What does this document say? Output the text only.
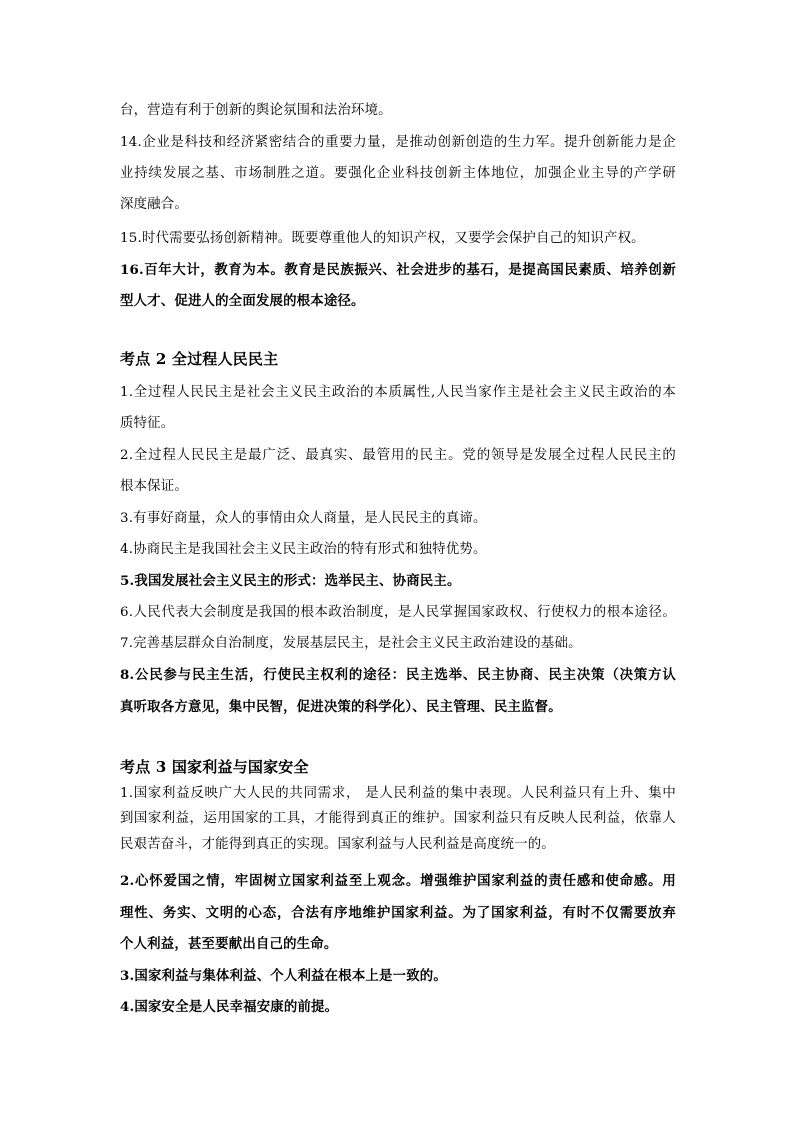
台，营造有利于创新的舆论氛围和法治环境。
14.企业是科技和经济紧密结合的重要力量，是推动创新创造的生力军。提升创新能力是企
业持续发展之基、市场制胜之道。要强化企业科技创新主体地位，加强企业主导的产学研
深度融合。
15.时代需要弘扬创新精神。既要尊重他人的知识产权，又要学会保护自己的知识产权。
16.百年大计，教育为本。教育是民族振兴、社会进步的基石，是提高国民素质、培养创新
型人才、促进人的全面发展的根本途径。
考点 2 全过程人民民主
1.全过程人民民主是社会主义民主政治的本质属性,人民当家作主是社会主义民主政治的本
质特征。
2.全过程人民民主是最广泛、最真实、最管用的民主。党的领导是发展全过程人民民主的
根本保证。
3.有事好商量，众人的事情由众人商量，是人民民主的真谛。
4.协商民主是我国社会主义民主政治的特有形式和独特优势。
5.我国发展社会主义民主的形式：选举民主、协商民主。
6.人民代表大会制度是我国的根本政治制度，是人民掌握国家政权、行使权力的根本途径。
7.完善基层群众自治制度，发展基层民主，是社会主义民主政治建设的基础。
8.公民参与民主生活，行使民主权利的途径：民主选举、民主协商、民主决策（决策方认
真听取各方意见，集中民智，促进决策的科学化）、民主管理、民主监督。
考点 3 国家利益与国家安全
1.国家利益反映广大人民的共同需求， 是人民利益的集中表现。人民利益只有上升、集中
到国家利益，运用国家的工具，才能得到真正的维护。国家利益只有反映人民利益，依靠人
民艰苦奋斗，才能得到真正的实现。国家利益与人民利益是高度统一的。
2.心怀爱国之情，牢固树立国家利益至上观念。增强维护国家利益的责任感和使命感。用
理性、务实、文明的心态，合法有序地维护国家利益。为了国家利益，有时不仅需要放弃
个人利益，甚至要献出自己的生命。
3.国家利益与集体利益、个人利益在根本上是一致的。
4.国家安全是人民幸福安康的前提。
